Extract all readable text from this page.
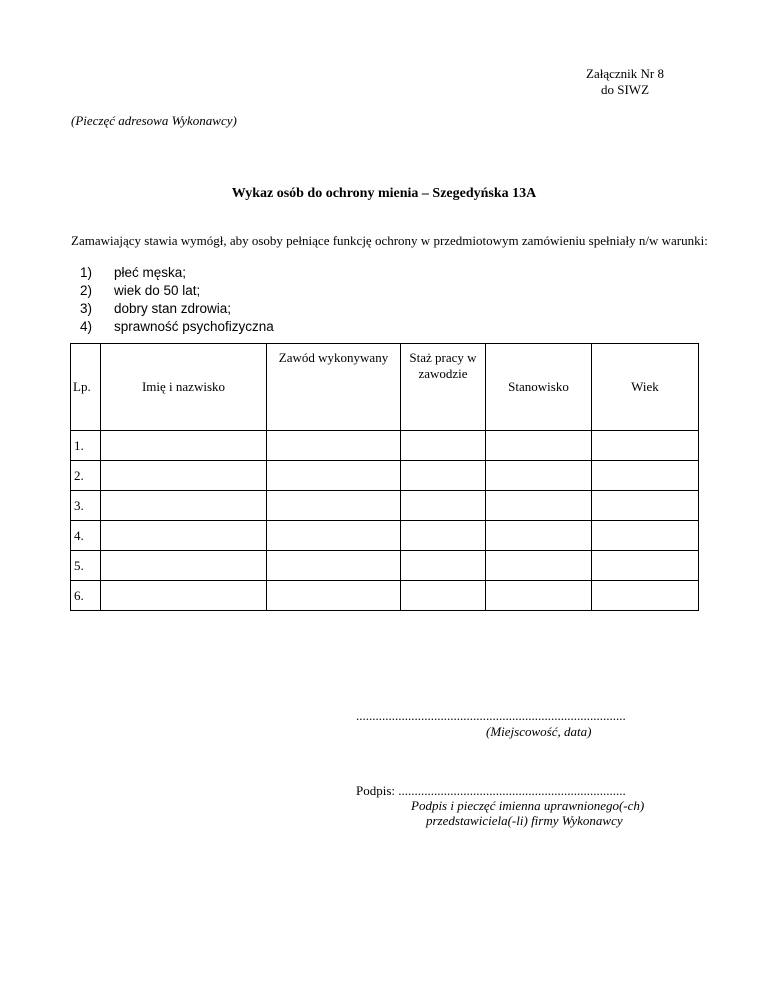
Załącznik Nr 8
do SIWZ
(Pieczęć adresowa Wykonawcy)
Wykaz osób do ochrony mienia – Szegedyńska 13A
Zamawiający stawia wymógł, aby osoby pełniące funkcję ochrony w przedmiotowym zamówieniu spełniały n/w warunki:
1) płeć męska;
2) wiek do 50 lat;
3) dobry stan zdrowia;
4) sprawność psychofizyczna
Lp.	Imię i nazwisko	Zawód wykonywany	Staż pracy w zawodzie	Stanowisko	Wiek
1.					
2.					
3.					
4.					
5.					
6.					
...................................................................................
(Miejscowość, data)
Podpis: ......................................................................
Podpis i pieczęć imienna uprawnionego(-ch)
przedstawiciela(-li) firmy Wykonawcy
